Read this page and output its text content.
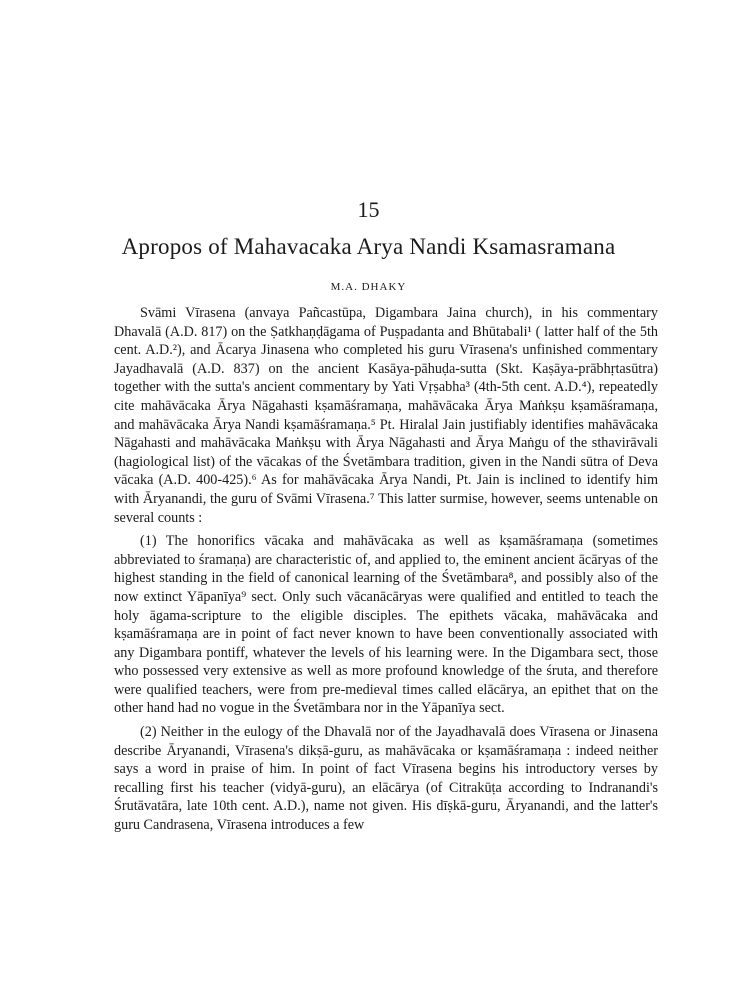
15
Apropos of Mahavacaka Arya Nandi Ksamasramana
M.A. DHAKY

Svāmi Vīrasena (anvaya Pañcastūpa, Digambara Jaina church), in his commentary Dhavalā (A.D. 817) on the Ṣatkhaṇḍāgama of Puṣpadanta and Bhūtabali¹ ( latter half of the 5th cent. A.D.²), and Ācarya Jinasena who completed his guru Vīrasena's unfinished commentary Jayadhavalā (A.D. 837) on the ancient Kasāya-pāhuḍa-sutta (Skt. Kaṣāya-prābhṛtasūtra) together with the sutta's ancient commentary by Yati Vṛṣabha³ (4th-5th cent. A.D.⁴), repeatedly cite mahāvācaka Ārya Nāgahasti kṣamāśramaṇa, mahāvācaka Ārya Maṅkṣu kṣamāśramaṇa, and mahāvācaka Ārya Nandi kṣamāśramaṇa.⁵ Pt. Hiralal Jain justifiably identifies mahāvācaka Nāgahasti and mahāvācaka Maṅkṣu with Ārya Nāgahasti and Ārya Maṅgu of the sthavirāvali (hagiological list) of the vācakas of the Śvetāmbara tradition, given in the Nandi sūtra of Deva vācaka (A.D. 400-425).⁶ As for mahāvācaka Ārya Nandi, Pt. Jain is inclined to identify him with Āryanandi, the guru of Svāmi Vīrasena.⁷ This latter surmise, however, seems untenable on several counts :

(1) The honorifics vācaka and mahāvācaka as well as kṣamāśramaṇa (sometimes abbreviated to śramaṇa) are characteristic of, and applied to, the eminent ancient ācāryas of the highest standing in the field of canonical learning of the Śvetāmbara⁸, and possibly also of the now extinct Yāpanīya⁹ sect. Only such vācanācāryas were qualified and entitled to teach the holy āgama-scripture to the eligible disciples. The epithets vācaka, mahāvācaka and kṣamāśramaṇa are in point of fact never known to have been conventionally associated with any Digambara pontiff, whatever the levels of his learning were. In the Digambara sect, those who possessed very extensive as well as more profound knowledge of the śruta, and therefore were qualified teachers, were from pre-medieval times called elācārya, an epithet that on the other hand had no vogue in the Śvetāmbara nor in the Yāpanīya sect.

(2) Neither in the eulogy of the Dhavalā nor of the Jayadhavalā does Vīrasena or Jinasena describe Āryanandi, Vīrasena's dikṣā-guru, as mahāvācaka or kṣamāśramaṇa : indeed neither says a word in praise of him. In point of fact Vīrasena begins his introductory verses by recalling first his teacher (vidyā-guru), an elācārya (of Citrakūṭa according to Indranandi's Śrutāvatāra, late 10th cent. A.D.), name not given. His dīṣkā-guru, Āryanandi, and the latter's guru Candrasena, Vīrasena introduces a few
